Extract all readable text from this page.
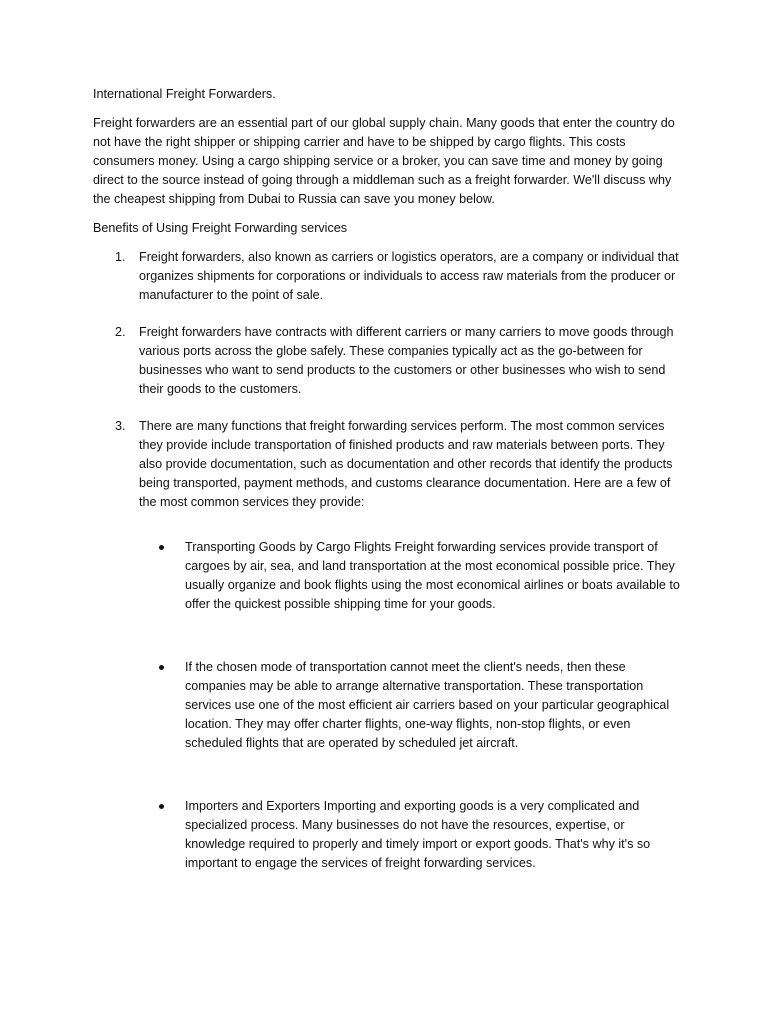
International Freight Forwarders.

Freight forwarders are an essential part of our global supply chain. Many goods that enter the country do not have the right shipper or shipping carrier and have to be shipped by cargo flights. This costs consumers money. Using a cargo shipping service or a broker, you can save time and money by going direct to the source instead of going through a middleman such as a freight forwarder. We'll discuss why the cheapest shipping from Dubai to Russia can save you money below.

Benefits of Using Freight Forwarding services
1. Freight forwarders, also known as carriers or logistics operators, are a company or individual that organizes shipments for corporations or individuals to access raw materials from the producer or manufacturer to the point of sale.
2. Freight forwarders have contracts with different carriers or many carriers to move goods through various ports across the globe safely. These companies typically act as the go-between for businesses who want to send products to the customers or other businesses who wish to send their goods to the customers.
3. There are many functions that freight forwarding services perform. The most common services they provide include transportation of finished products and raw materials between ports. They also provide documentation, such as documentation and other records that identify the products being transported, payment methods, and customs clearance documentation. Here are a few of the most common services they provide:
Transporting Goods by Cargo Flights Freight forwarding services provide transport of cargoes by air, sea, and land transportation at the most economical possible price. They usually organize and book flights using the most economical airlines or boats available to offer the quickest possible shipping time for your goods.
If the chosen mode of transportation cannot meet the client's needs, then these companies may be able to arrange alternative transportation. These transportation services use one of the most efficient air carriers based on your particular geographical location. They may offer charter flights, one-way flights, non-stop flights, or even scheduled flights that are operated by scheduled jet aircraft.
Importers and Exporters Importing and exporting goods is a very complicated and specialized process. Many businesses do not have the resources, expertise, or knowledge required to properly and timely import or export goods. That's why it's so important to engage the services of freight forwarding services.
